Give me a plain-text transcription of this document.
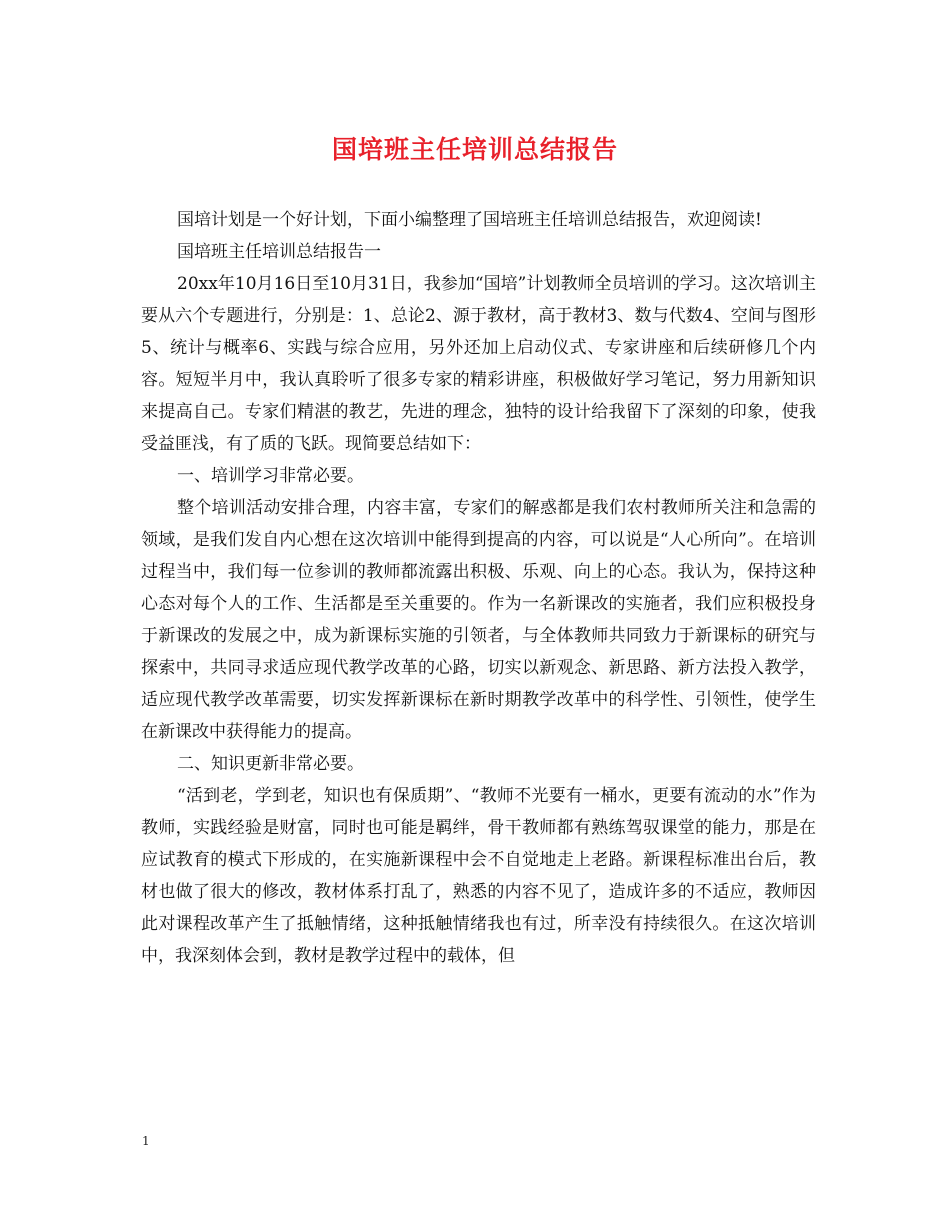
国培班主任培训总结报告

国培计划是一个好计划，下面小编整理了国培班主任培训总结报告，欢迎阅读!

国培班主任培训总结报告一

20xx年10月16日至10月31日，我参加“国培”计划教师全员培训的学习。这次培训主要从六个专题进行，分别是：1、总论2、源于教材，高于教材3、数与代数4、空间与图形5、统计与概率6、实践与综合应用，另外还加上启动仪式、专家讲座和后续研修几个内容。短短半月中，我认真聆听了很多专家的精彩讲座，积极做好学习笔记，努力用新知识来提高自己。专家们精湛的教艺，先进的理念，独特的设计给我留下了深刻的印象，使我受益匪浅，有了质的飞跃。现简要总结如下：

一、培训学习非常必要。

整个培训活动安排合理，内容丰富，专家们的解惑都是我们农村教师所关注和急需的领域，是我们发自内心想在这次培训中能得到提高的内容，可以说是“人心所向”。在培训过程当中，我们每一位参训的教师都流露出积极、乐观、向上的心态。我认为，保持这种心态对每个人的工作、生活都是至关重要的。作为一名新课改的实施者，我们应积极投身于新课改的发展之中，成为新课标实施的引领者，与全体教师共同致力于新课标的研究与探索中，共同寻求适应现代教学改革的心路，切实以新观念、新思路、新方法投入教学，适应现代教学改革需要，切实发挥新课标在新时期教学改革中的科学性、引领性，使学生在新课改中获得能力的提高。

二、知识更新非常必要。

“活到老，学到老，知识也有保质期”、“教师不光要有一桶水，更要有流动的水”作为教师，实践经验是财富，同时也可能是羁绊，骨干教师都有熟练驾驭课堂的能力，那是在应试教育的模式下形成的，在实施新课程中会不自觉地走上老路。新课程标准出台后，教材也做了很大的修改，教材体系打乱了，熟悉的内容不见了，造成许多的不适应，教师因此对课程改革产生了抵触情绪，这种抵触情绪我也有过，所幸没有持续很久。在这次培训中，我深刻体会到，教材是教学过程中的载体，但

1
